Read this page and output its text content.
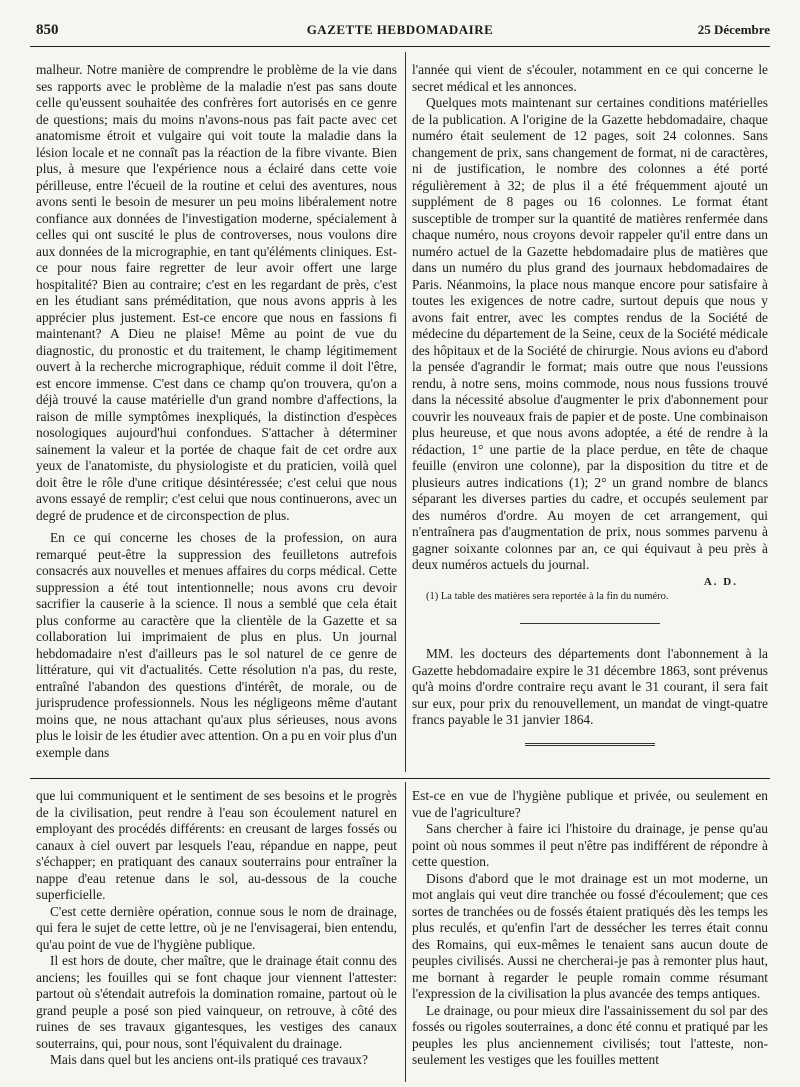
850	GAZETTE HEBDOMADAIRE	25 Décembre

malheur. Notre manière de comprendre le problème de la vie dans ses rapports avec le problème de la maladie n'est pas sans doute celle qu'eussent souhaitée des confrères fort autorisés en ce genre de questions; mais du moins n'avons-nous pas fait pacte avec cet anatomisme étroit et vulgaire qui voit toute la maladie dans la lésion locale et ne connaît pas la réaction de la fibre vivante. Bien plus, à mesure que l'expérience nous a éclairé dans cette voie périlleuse, entre l'écueil de la routine et celui des aventures, nous avons senti le besoin de mesurer un peu moins libéralement notre confiance aux données de l'investigation moderne, spécialement à celles qui ont suscité le plus de controverses, nous voulons dire aux données de la micrographie, en tant qu'éléments cliniques. Est-ce pour nous faire regretter de leur avoir offert une large hospitalité? Bien au contraire; c'est en les regardant de près, c'est en les étudiant sans préméditation, que nous avons appris à les apprécier plus justement. Est-ce encore que nous en fassions fi maintenant? A Dieu ne plaise! Même au point de vue du diagnostic, du pronostic et du traitement, le champ légitimement ouvert à la recherche micrographique, réduit comme il doit l'être, est encore immense. C'est dans ce champ qu'on trouvera, qu'on a déjà trouvé la cause matérielle d'un grand nombre d'affections, la raison de mille symptômes inexpliqués, la distinction d'espèces nosologiques aujourd'hui confondues. S'attacher à déterminer sainement la valeur et la portée de chaque fait de cet ordre aux yeux de l'anatomiste, du physiologiste et du praticien, voilà quel doit être le rôle d'une critique désintéressée; c'est celui que nous avons essayé de remplir; c'est celui que nous continuerons, avec un degré de prudence et de circonspection de plus.

En ce qui concerne les choses de la profession, on aura remarqué peut-être la suppression des feuilletons autrefois consacrés aux nouvelles et menues affaires du corps médical. Cette suppression a été tout intentionnelle; nous avons cru devoir sacrifier la causerie à la science. Il nous a semblé que cela était plus conforme au caractère que la clientèle de la Gazette et sa collaboration lui imprimaient de plus en plus. Un journal hebdomadaire n'est d'ailleurs pas le sol naturel de ce genre de littérature, qui vit d'actualités. Cette résolution n'a pas, du reste, entraîné l'abandon des questions d'intérêt, de morale, ou de jurisprudence professionnels. Nous les négligeons même d'autant moins que, ne nous attachant qu'aux plus sérieuses, nous avons plus le loisir de les étudier avec attention. On a pu en voir plus d'un exemple dans

l'année qui vient de s'écouler, notamment en ce qui concerne le secret médical et les annonces.

Quelques mots maintenant sur certaines conditions matérielles de la publication. A l'origine de la Gazette hebdomadaire, chaque numéro était seulement de 12 pages, soit 24 colonnes. Sans changement de prix, sans changement de format, ni de caractères, ni de justification, le nombre des colonnes a été porté régulièrement à 32; de plus il a été fréquemment ajouté un supplément de 8 pages ou 16 colonnes. Le format étant susceptible de tromper sur la quantité de matières renfermée dans chaque numéro, nous croyons devoir rappeler qu'il entre dans un numéro actuel de la Gazette hebdomadaire plus de matières que dans un numéro du plus grand des journaux hebdomadaires de Paris. Néanmoins, la place nous manque encore pour satisfaire à toutes les exigences de notre cadre, surtout depuis que nous y avons fait entrer, avec les comptes rendus de la Société de médecine du département de la Seine, ceux de la Société médicale des hôpitaux et de la Société de chirurgie. Nous avions eu d'abord la pensée d'agrandir le format; mais outre que nous l'eussions rendu, à notre sens, moins commode, nous nous fussions trouvé dans la nécessité absolue d'augmenter le prix d'abonnement pour couvrir les nouveaux frais de papier et de poste. Une combinaison plus heureuse, et que nous avons adoptée, a été de rendre à la rédaction, 1° une partie de la place perdue, en tête de chaque feuille (environ une colonne), par la disposition du titre et de plusieurs autres indications (1); 2° un grand nombre de blancs séparant les diverses parties du cadre, et occupés seulement par des numéros d'ordre. Au moyen de cet arrangement, qui n'entraînera pas d'augmentation de prix, nous sommes parvenu à gagner soixante colonnes par an, ce qui équivaut à peu près à deux numéros actuels du journal.

A. D.

(1) La table des matières sera reportée à la fin du numéro.

MM. les docteurs des départements dont l'abonnement à la Gazette hebdomadaire expire le 31 décembre 1863, sont prévenus qu'à moins d'ordre contraire reçu avant le 31 courant, il sera fait sur eux, pour prix du renouvellement, un mandat de vingt-quatre francs payable le 31 janvier 1864.

que lui communiquent et le sentiment de ses besoins et le progrès de la civilisation, peut rendre à l'eau son écoulement naturel en employant des procédés différents: en creusant de larges fossés ou canaux à ciel ouvert par lesquels l'eau, répandue en nappe, peut s'échapper; en pratiquant des canaux souterrains pour entraîner la nappe d'eau retenue dans le sol, au-dessous de la couche superficielle.

C'est cette dernière opération, connue sous le nom de drainage, qui fera le sujet de cette lettre, où je ne l'envisagerai, bien entendu, qu'au point de vue de l'hygiène publique.

Il est hors de doute, cher maître, que le drainage était connu des anciens; les fouilles qui se font chaque jour viennent l'attester: partout où s'étendait autrefois la domination romaine, partout où le grand peuple a posé son pied vainqueur, on retrouve, à côté des ruines de ses travaux gigantesques, les vestiges des canaux souterrains, qui, pour nous, sont l'équivalent du drainage.

Mais dans quel but les anciens ont-ils pratiqué ces travaux?

Est-ce en vue de l'hygiène publique et privée, ou seulement en vue de l'agriculture?

Sans chercher à faire ici l'histoire du drainage, je pense qu'au point où nous sommes il peut n'être pas indifférent de répondre à cette question.

Disons d'abord que le mot drainage est un mot moderne, un mot anglais qui veut dire tranchée ou fossé d'écoulement; que ces sortes de tranchées ou de fossés étaient pratiqués dès les temps les plus reculés, et qu'enfin l'art de dessécher les terres était connu des Romains, qui eux-mêmes le tenaient sans aucun doute de peuples civilisés. Aussi ne chercherai-je pas à remonter plus haut, me bornant à regarder le peuple romain comme résumant l'expression de la civilisation la plus avancée des temps antiques.

Le drainage, ou pour mieux dire l'assainissement du sol par des fossés ou rigoles souterraines, a donc été connu et pratiqué par les peuples les plus anciennement civilisés; tout l'atteste, non-seulement les vestiges que les fouilles mettent
